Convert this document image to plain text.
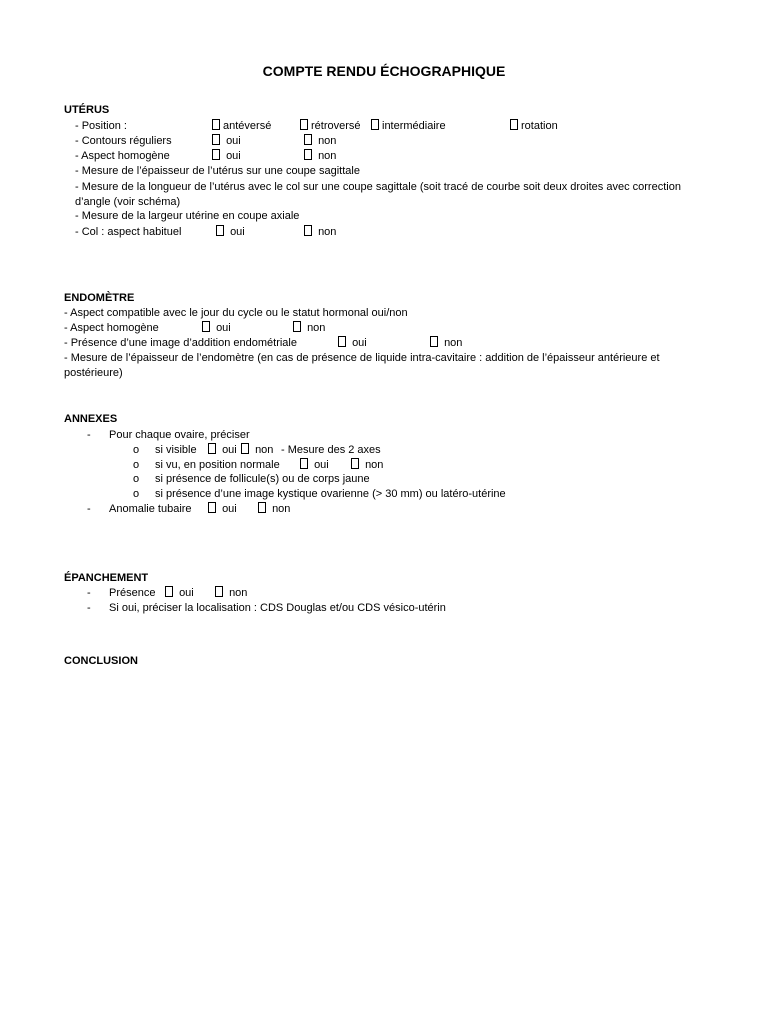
COMPTE RENDU ÉCHOGRAPHIQUE
UTÉRUS
- Position :	antéversé	rétroversé	intermédiaire	rotation
- Contours réguliers	oui	non
- Aspect homogène	oui	non
- Mesure de l’épaisseur de l’utérus sur une coupe sagittale
- Mesure de la longueur de l’utérus avec le col sur une coupe sagittale (soit tracé de courbe soit deux droites avec correction d’angle (voir schéma)
- Mesure de la largeur utérine en coupe axiale
- Col : aspect habituel	oui	non
ENDOMÈTRE
- Aspect compatible avec le jour du cycle ou le statut hormonal oui/non
- Aspect homogène	oui	non
- Présence d’une image d’addition endométriale	oui	non
- Mesure de l’épaisseur de l’endomètre (en cas de présence de liquide intra-cavitaire : addition de l’épaisseur antérieure et postérieure)
ANNEXES
- Pour chaque ovaire, préciser
o si visible	oui	non - Mesure des 2 axes
o si vu, en position normale	oui	non
o si présence de follicule(s) ou de corps jaune
o si présence d’une image kystique ovarienne (> 30 mm) ou latéro-utérine
- Anomalie tubaire	oui	non
ÉPANCHEMENT
- Présence	oui	non
- Si oui, préciser la localisation : CDS Douglas et/ou CDS vésico-utérin
CONCLUSION
